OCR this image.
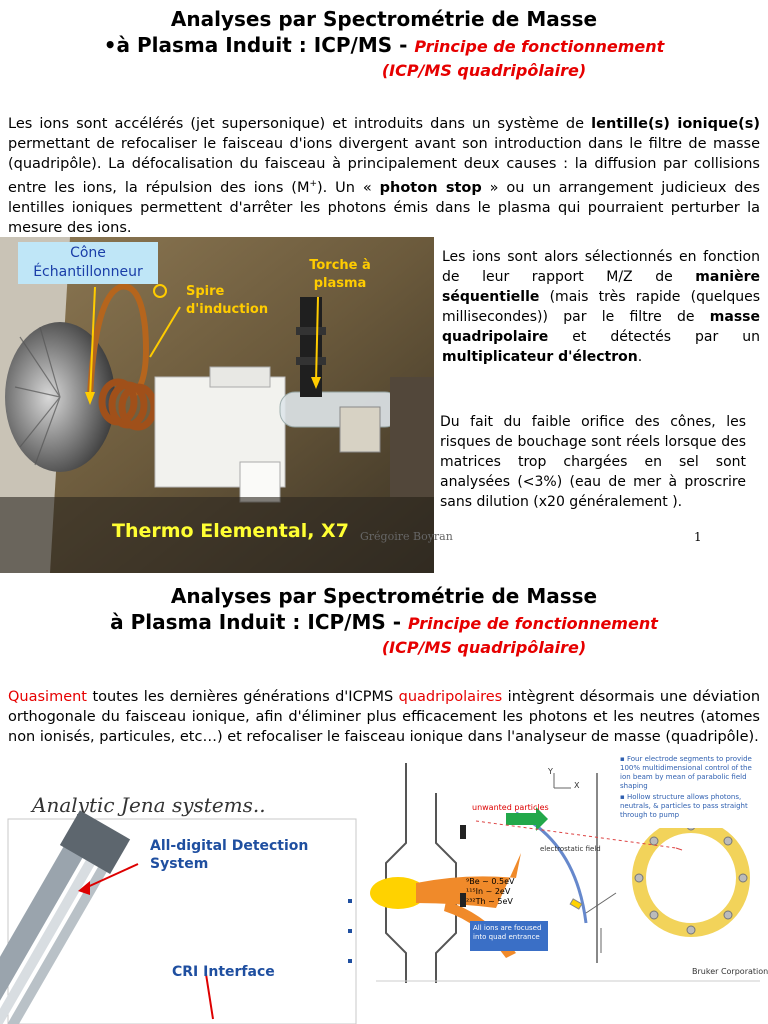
Analyses par Spectrométrie de Masse
•à Plasma Induit : ICP/MS - Principe de fonctionnement
(ICP/MS quadripôlaire)

Les ions sont accélérés (jet supersonique) et introduits dans un système de lentille(s) ionique(s) permettant de refocaliser le faisceau d'ions divergent avant son introduction dans le filtre de masse (quadripôle). La défocalisation du faisceau à principalement deux causes : la diffusion par collisions entre les ions, la répulsion des ions (M+). Un « photon stop » ou un arrangement judicieux des lentilles ioniques permettent d'arrêter les photons émis dans le plasma qui pourraient perturber la mesure des ions.

Cône Échantillonneur
Spire d'induction
Torche à plasma
Thermo Elemental, X7

Les ions sont alors sélectionnés en fonction de leur rapport M/Z de manière séquentielle (mais très rapide (quelques millisecondes)) par le filtre de masse quadripolaire et détectés par un multiplicateur d'électron.

Du fait du faible orifice des cônes, les risques de bouchage sont réels lorsque des matrices trop chargées en sel sont analysées (<3%) (eau de mer à proscrire sans dilution (x20 généralement ).

Grégoire Boyran	1
Analyses par Spectrométrie de Masse
à Plasma Induit : ICP/MS - Principe de fonctionnement
(ICP/MS quadripôlaire)

Quasiment toutes les dernières générations d'ICPMS quadripolaires intègrent désormais une déviation orthogonale du faisceau ionique, afin d'éliminer plus efficacement les photons et les neutres (atomes non ionisés, particules, etc…) et refocaliser le faisceau ionique dans l'analyseur de masse (quadripôle).

Analytic Jena systems..
All-digital Detection System
CRI Interface
▪ Four electrode segments to provide 100% multidimensional control of the ion beam by mean of parabolic field shaping
▪ Hollow structure allows photons, neutrals, & particles to pass straight through to pump
unwanted particles
electrostatic field
⁹Be ~ 0.5eV
¹¹⁵In ~ 2eV
²³²Th ~ 5eV
All ions are focused into quad entrance
Y
X
Bruker Corporation
